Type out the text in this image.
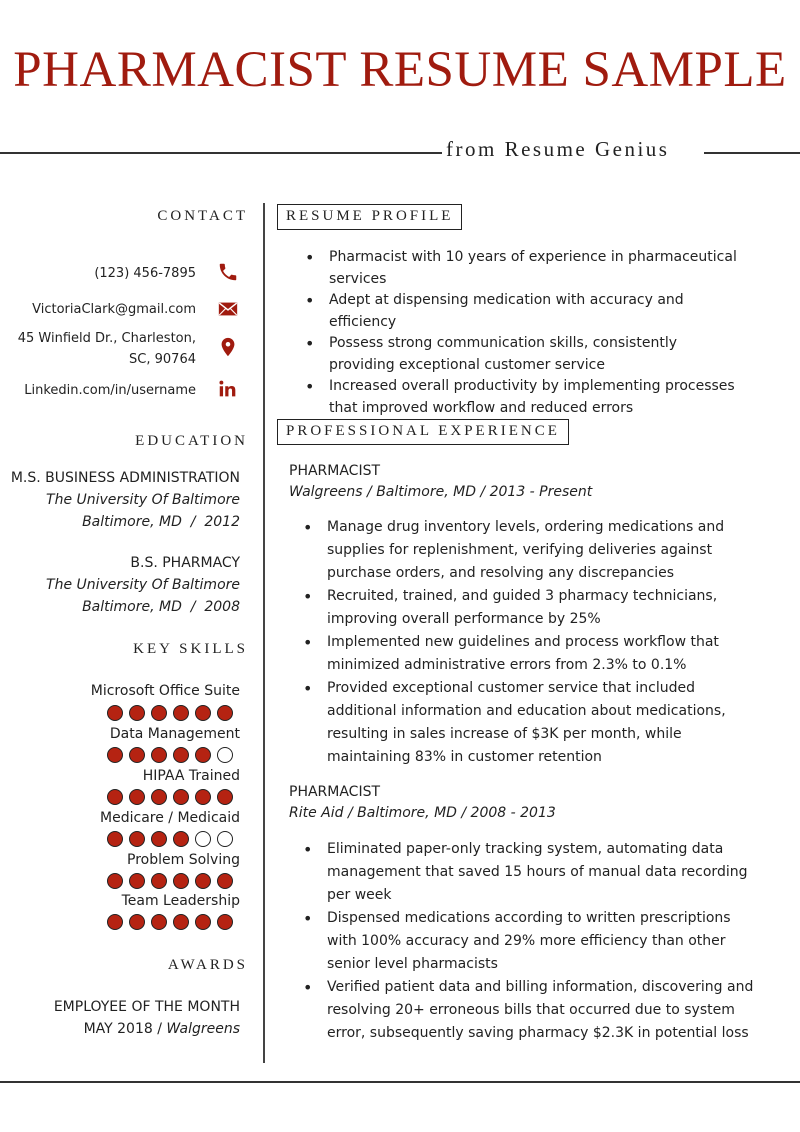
PHARMACIST RESUME SAMPLE
from Resume Genius
CONTACT
(123) 456-7895
VictoriaClark@gmail.com
45 Winfield Dr., Charleston,
SC, 90764
Linkedin.com/in/username
EDUCATION
M.S. BUSINESS ADMINISTRATION
The University Of Baltimore
Baltimore, MD  /  2012
B.S. PHARMACY
The University Of Baltimore
Baltimore, MD  /  2008
KEY SKILLS
Microsoft Office Suite
Data Management
HIPAA Trained
Medicare / Medicaid
Problem Solving
Team Leadership
AWARDS
EMPLOYEE OF THE MONTH
MAY 2018 / Walgreens
RESUME PROFILE
• Pharmacist with 10 years of experience in pharmaceutical services
• Adept at dispensing medication with accuracy and efficiency
• Possess strong communication skills, consistently providing exceptional customer service
• Increased overall productivity by implementing processes that improved workflow and reduced errors
PROFESSIONAL EXPERIENCE
PHARMACIST
Walgreens / Baltimore, MD / 2013 - Present
• Manage drug inventory levels, ordering medications and supplies for replenishment, verifying deliveries against purchase orders, and resolving any discrepancies
• Recruited, trained, and guided 3 pharmacy technicians, improving overall performance by 25%
• Implemented new guidelines and process workflow that minimized administrative errors from 2.3% to 0.1%
• Provided exceptional customer service that included additional information and education about medications, resulting in sales increase of $3K per month, while maintaining 83% in customer retention
PHARMACIST
Rite Aid / Baltimore, MD / 2008 - 2013
• Eliminated paper-only tracking system, automating data management that saved 15 hours of manual data recording per week
• Dispensed medications according to written prescriptions with 100% accuracy and 29% more efficiency than other senior level pharmacists
• Verified patient data and billing information, discovering and resolving 20+ erroneous bills that occurred due to system error, subsequently saving pharmacy $2.3K in potential loss
